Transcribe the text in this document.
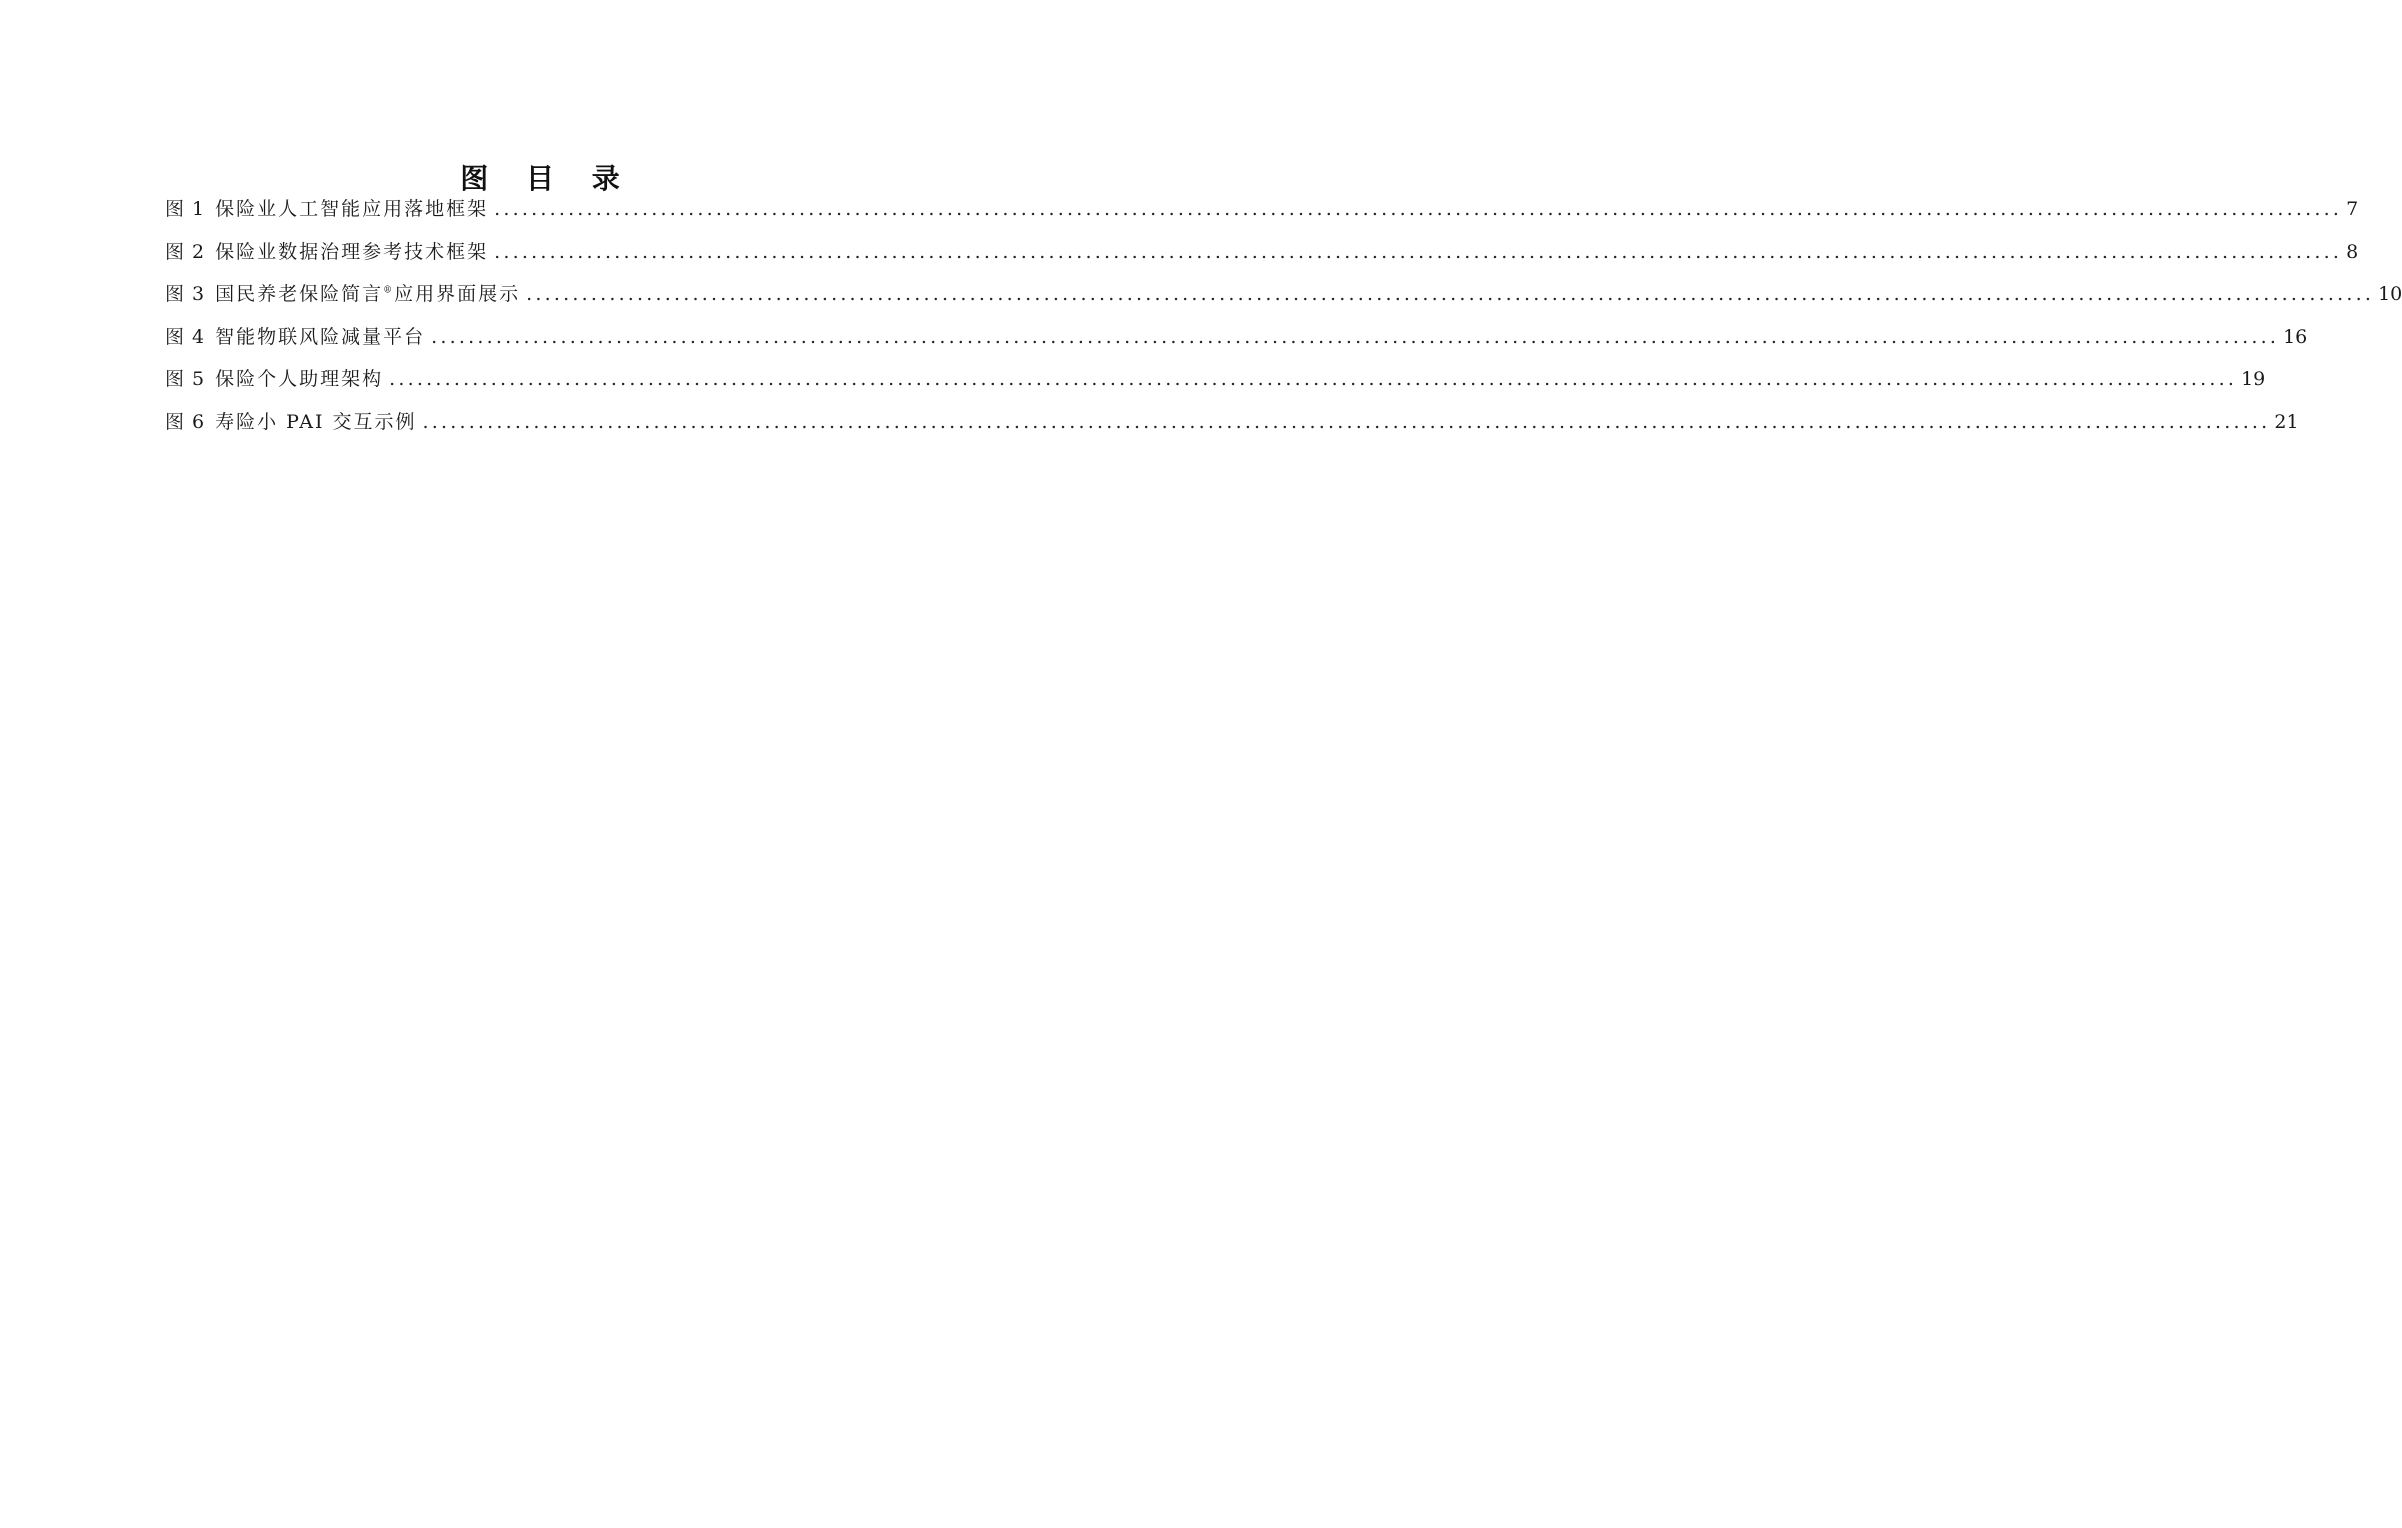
图 目 录
图 1 保险业人工智能应用落地框架 ........................................................................................................................................................................................................ 7
图 2 保险业数据治理参考技术框架 ........................................................................................................................................................................................................ 8
图 3 国民养老保险简言®应用界面展示 ........................................................................................................................................................................................................ 10
图 4 智能物联风险减量平台 ........................................................................................................................................................................................................ 16
图 5 保险个人助理架构 ........................................................................................................................................................................................................ 19
图 6 寿险小 PAI 交互示例 ........................................................................................................................................................................................................ 21
